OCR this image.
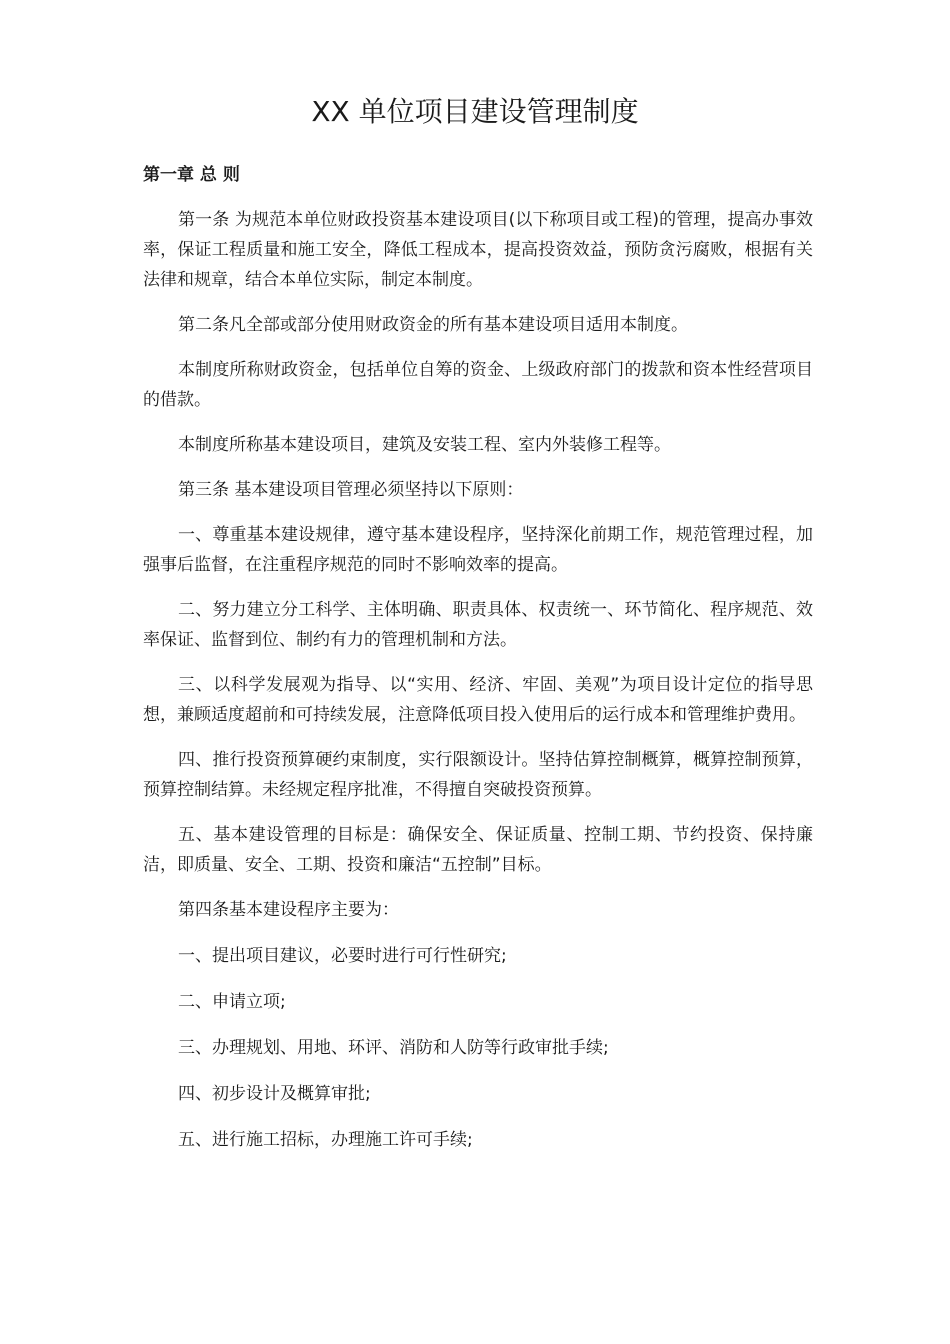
XX 单位项目建设管理制度
第一章 总 则

第一条 为规范本单位财政投资基本建设项目(以下称项目或工程)的管理，提高办事效率，保证工程质量和施工安全，降低工程成本，提高投资效益，预防贪污腐败，根据有关法律和规章，结合本单位实际，制定本制度。

第二条凡全部或部分使用财政资金的所有基本建设项目适用本制度。

本制度所称财政资金，包括单位自筹的资金、上级政府部门的拨款和资本性经营项目的借款。

本制度所称基本建设项目，建筑及安装工程、室内外装修工程等。

第三条 基本建设项目管理必须坚持以下原则：

一、尊重基本建设规律，遵守基本建设程序，坚持深化前期工作，规范管理过程，加强事后监督，在注重程序规范的同时不影响效率的提高。

二、努力建立分工科学、主体明确、职责具体、权责统一、环节简化、程序规范、效率保证、监督到位、制约有力的管理机制和方法。

三、以科学发展观为指导、以“实用、经济、牢固、美观”为项目设计定位的指导思想，兼顾适度超前和可持续发展，注意降低项目投入使用后的运行成本和管理维护费用。

四、推行投资预算硬约束制度，实行限额设计。坚持估算控制概算，概算控制预算，预算控制结算。未经规定程序批准，不得擅自突破投资预算。

五、基本建设管理的目标是：确保安全、保证质量、控制工期、节约投资、保持廉洁，即质量、安全、工期、投资和廉洁“五控制”目标。

第四条基本建设程序主要为：

一、提出项目建议，必要时进行可行性研究;

二、申请立项;

三、办理规划、用地、环评、消防和人防等行政审批手续;

四、初步设计及概算审批;

五、进行施工招标，办理施工许可手续;
